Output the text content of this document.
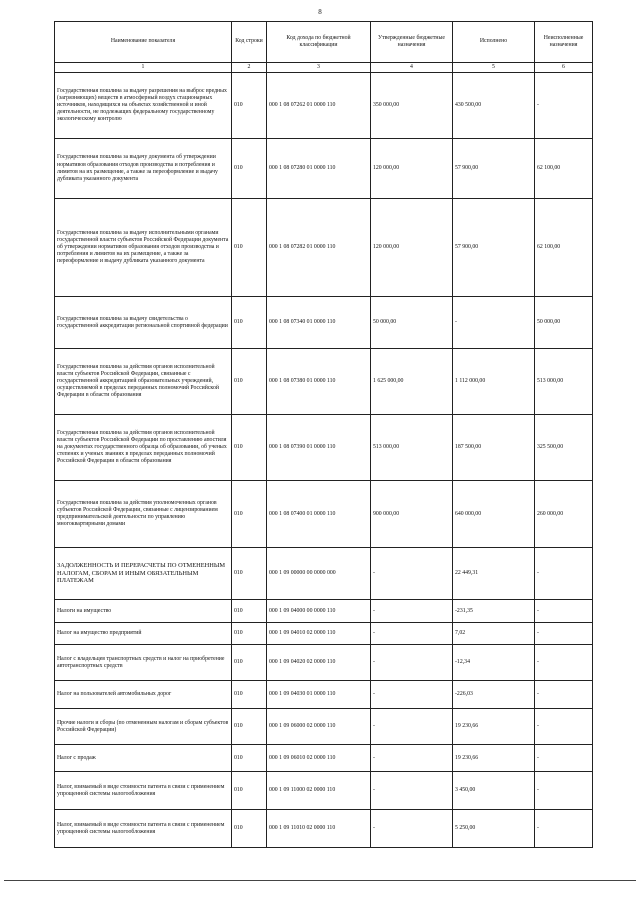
8
Наименование показателя	Код строки	Код дохода по бюджетной классификации	Утвержденные бюджетные назначения	Исполнено	Неисполненные назначения
1	2	3	4	5	6
Государственная пошлина за выдачу разрешения на выброс вредных (загрязняющих) веществ в атмосферный воздух стационарных источников, находящихся на объектах хозяйственной и иной деятельности, не подлежащих федеральному государственному экологическому контролю	010	000 1 08 07262 01 0000 110	350 000,00	430 500,00	-
Государственная пошлина за выдачу документа об утверждении нормативов образования отходов производства и потребления и лимитов на их размещение, а также за переоформление и выдачу дубликата указанного документа	010	000 1 08 07280 01 0000 110	120 000,00	57 900,00	62 100,00
Государственная пошлина за выдачу исполнительными органами государственной власти субъектов Российской Федерации документа об утверждении нормативов образования отходов производства и потребления и лимитов на их размещение, а также за переоформление и выдачу дубликата указанного документа	010	000 1 08 07282 01 0000 110	120 000,00	57 900,00	62 100,00
Государственная пошлина за выдачу свидетельства о государственной аккредитации региональной спортивной федерации	010	000 1 08 07340 01 0000 110	50 000,00	-	50 000,00
Государственная пошлина за действия органов исполнительной власти субъектов Российской Федерации, связанные с государственной аккредитацией образовательных учреждений, осуществляемой в пределах переданных полномочий Российской Федерации в области образования	010	000 1 08 07380 01 0000 110	1 625 000,00	1 112 000,00	513 000,00
Государственная пошлина за действия органов исполнительной власти субъектов Российской Федерации по проставлению апостиля на документах государственного образца об образовании, об ученых степенях и ученых званиях в пределах переданных полномочий Российской Федерации в области образования	010	000 1 08 07390 01 0000 110	513 000,00	187 500,00	325 500,00
Государственная пошлина за действия уполномоченных органов субъектов Российской Федерации, связанные с лицензированием предпринимательской деятельности по управлению многоквартирными домами	010	000 1 08 07400 01 0000 110	900 000,00	640 000,00	260 000,00
ЗАДОЛЖЕННОСТЬ И ПЕРЕРАСЧЕТЫ ПО ОТМЕНЕННЫМ НАЛОГАМ, СБОРАМ И ИНЫМ ОБЯЗАТЕЛЬНЫМ ПЛАТЕЖАМ	010	000 1 09 00000 00 0000 000	-	22 449,31	-
Налоги на имущество	010	000 1 09 04000 00 0000 110	-	-231,35	-
Налог на имущество предприятий	010	000 1 09 04010 02 0000 110	-	7,02	-
Налог с владельцев транспортных средств и налог на приобретение автотранспортных средств	010	000 1 09 04020 02 0000 110	-	-12,34	-
Налог на пользователей автомобильных дорог	010	000 1 09 04030 01 0000 110	-	-226,03	-
Прочие налоги и сборы (по отмененным налогам и сборам субъектов Российской Федерации)	010	000 1 09 06000 02 0000 110	-	19 230,66	-
Налог с продаж	010	000 1 09 06010 02 0000 110	-	19 230,66	-
Налог, взимаемый в виде стоимости патента в связи с применением упрощенной системы налогообложения	010	000 1 09 11000 02 0000 110	-	3 450,00	-
Налог, взимаемый в виде стоимости патента в связи с применением упрощенной системы налогообложения	010	000 1 09 11010 02 0000 110	-	5 250,00	-
